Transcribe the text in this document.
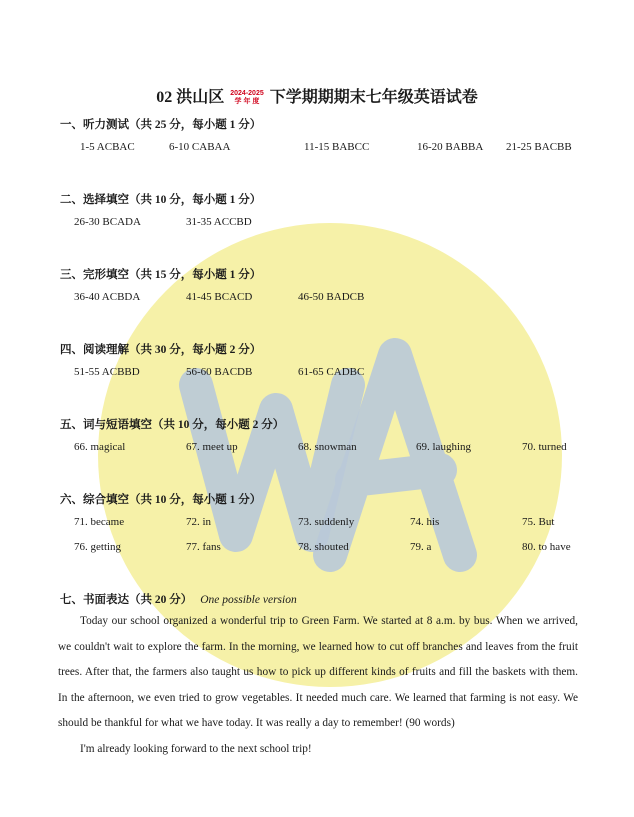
02 洪山区 2024-2025
学 年 度 下学期期期末七年级英语试卷
一、听力测试（共 25 分，每小题 1 分）
1-5 ACBAC	6-10 CABAA	11-15 BABCC	16-20 BABBA 21-25 BACBB
二、选择填空（共 10 分，每小题 1 分）
26-30 BCADA	31-35 ACCBD
三、完形填空（共 15 分，每小题 1 分）
36-40 ACBDA	41-45 BCACD	46-50 BADCB
四、阅读理解（共 30 分，每小题 2 分）
51-55 ACBBD	56-60 BACDB	61-65 CADBC
五、词与短语填空（共 10 分，每小题 2 分）
66. magical	67. meet up	68. snowman	69. laughing	70. turned
六、综合填空（共 10 分，每小题 1 分）
71. became	72. in	73. suddenly	74. his	75. But
76. getting	77. fans	78. shouted	79. a	80. to have
七、书面表达（共 20 分） One possible version

Today our school organized a wonderful trip to Green Farm. We started at 8 a.m. by bus. When we arrived, we couldn't wait to explore the farm. In the morning, we learned how to cut off branches and leaves from the fruit trees. After that, the farmers also taught us how to pick up different kinds of fruits and fill the baskets with them. In the afternoon, we even tried to grow vegetables. It needed much care. We learned that farming is not easy. We should be thankful for what we have today. It was really a day to remember! (90 words)

I'm already looking forward to the next school trip!
